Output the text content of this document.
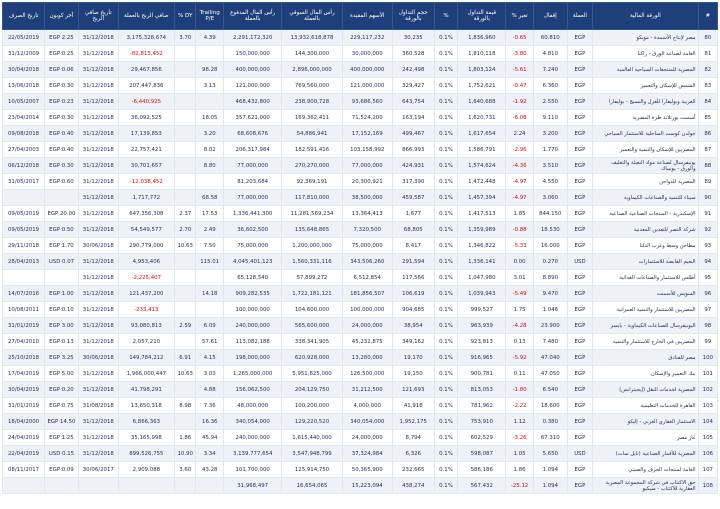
#	الورقة المالية	العملة	إقفال	تغير %	قيمة التداول بالورقة	%	حجم التداول بالورقة	الأسهم المقيدة	رأس المال السوقي بالعملة	رأس المال المدفوع بالعملة	Trailing P/E	DY %	صافي الربح بالعملة	تاريخ صافي الربح	آخر كوبون	تاريخ الصرف
80	مصر لإنتاج الأسمدة - موبكو	EGP	60.810	-0.65	1,836,960	0.1%	30,235	229,117,232	13,932,618,878	2,291,172,320	4.39	3.70	3,175,328,674	31/12/2018	EGP 2.25	22/05/2019
81	العامة لصناعة الورق - راكتا	EGP	4.810	-3.80	1,810,118	0.1%	360,528	30,000,000	144,300,000	150,000,000			-82,815,452	31/12/2018	EGP 0.25	31/12/2009
82	المصرية للمنتجعات السياحية العالمية	EGP	7.240	-5.61	1,803,124	0.1%	242,498	400,000,000	2,896,000,000	400,000,000	98.28		29,467,856	31/12/2018	EGP 0.06	30/04/2018
83	الشمس للإسكان والتعمير	EGP	6.360	-0.47	1,752,621	0.1%	329,427	121,000,000	769,560,000	121,000,000	3.13		207,447,836	31/12/2018	EGP 0.30	13/06/2018
84	العربية وبوليفارا للغزل والنسيج - بوليفارا	EGP	2.550	-1.92	1,640,688	0.1%	643,754	93,686,560	238,900,728	468,432,800			-6,440,925	31/12/2018	EGP 0.23	10/05/2007
85	أسمنت بورتلاند طرة المصرية	EGP	9.110	-6.08	1,620,731	0.1%	163,194	71,524,200	169,362,411	357,621,000	18.05		36,092,525	31/12/2018	EGP 0.30	23/04/2014
86	جولدن كوست الساحلية للاستثمار السياحي	EGP	3.200	2.24	1,617,654	0.1%	499,467	17,152,169	54,886,941	68,608,676	3.20		17,139,853	31/12/2018	EGP 0.40	09/08/2018
87	المصريين للإسكان والتنمية والتعمير	EGP	1.770	-2.96	1,586,791	0.1%	866,993	103,158,992	182,591,416	206,317,984	8.02		22,757,421	31/12/2018	EGP 0.40	27/04/2003
88	يونيفرسال لصناعة مواد التعبئة والتغليف والورق - يونيباك	EGP	3.510	-4.36	1,574,624	0.1%	424,931	77,000,000	270,270,000	77,000,000	8.80		30,701,657	31/12/2018	EGP 0.30	06/12/2018
89	المصرية للدواجن	EGP	4.550	-4.97	1,472,448	0.1%	317,390	20,300,921	92,369,191	81,203,684			-12,038,452	31/12/2018	EGP 0.60	31/05/2017
90	سيناء للتنمية والصناعات الكيماوية	EGP	3.060	-4.97	1,457,394	0.1%	459,587	38,500,000	117,810,000	77,000,000	68.58		1,717,772	31/12/2018		
91	الإسكندرية - المنتجات الصناعية الصناعية	EGP	844.150	1.85	1,417,513	0.1%	1,677	13,364,413	11,281,569,234	1,336,441,300	17.53	2.37	647,356,308	31/12/2018	EGP 20.00	09/05/2019
92	شركة النصر للتعدين المعدنية	EGP	18.530	-0.88	1,359,989	0.1%	68,805	7,320,500	135,648,865	36,602,500	2.49	2.70	54,549,577	31/12/2018	EGP 0.50	09/05/2019
93	مطاحن وسط وغرب الدلتا	EGP	16.000	-5.33	1,346,822	0.1%	8,417	75,000,000	1,200,000,000	75,000,000	7.50	10.63	290,779,000	30/06/2018	EGP 1.70	29/11/2018
94	النعيم القابضة للاستثمارات	USD	0.270	0.00	1,336,141	0.1%	291,594	343,506,260	1,560,331,116	4,045,401,123	115.01		4,953,406	31/12/2018	USD 0.07	28/04/2013
95	أطلس للاستثمار والصناعات الغذائية	EGP	8.890	3.01	1,047,980	0.1%	117,566	6,512,854	57,899,272	65,128,540			-2,225,407	31/12/2018		
96	السويس للأسمنت	EGP	9.470	-5.49	1,039,943	0.1%	106,619	181,856,507	1,722,181,121	909,282,535	14.18		121,437,200	31/12/2018	EGP 1.00	14/07/2016
97	المصريين للاستثمار والتنمية العمرانية	EGP	1.046	1.75	999,527	0.1%	904,685	100,000,000	104,600,000	100,000,000			-233,413	31/12/2018	EGP 0.10	10/08/2011
98	اليونيفرسال للصناعات الكيماوية - بايسر	EGP	23.900	-4.28	963,939	0.1%	38,954	24,000,000	565,600,000	240,000,000	6.09	2.59	93,080,813	31/12/2018	EGP 3.00	31/01/2019
99	المصريين في الخارج للاستثمار والتنمية	EGP	7.480	0.13	923,813	0.1%	349,162	45,232,875	338,341,905	113,082,188	57.61		2,057,210	31/12/2018	EGP 0.13	27/04/2010
100	مصر للفنادق	EGP	47.040	-5.92	916,965	0.1%	19,170	13,280,000	620,928,000	198,000,000	4.15	6.91	149,784,212	30/06/2018	EGP 3.25	25/10/2018
101	بنك التعمير والإسكان	EGP	47.050	0.11	900,781	0.1%	19,150	126,500,000	5,951,825,000	1,265,000,000	3.03	10.63	1,966,000,447	31/12/2018	EGP 5.00	17/04/2019
102	المصرية لخدمات النقل (إيجيترانس)	EGP	6.540	-1.80	813,053	0.1%	121,693	31,212,500	204,129,750	156,062,500	4.88		41,798,291	31/12/2018	EGP 0.20	30/04/2019
103	القاهرة للخدمات التعليمية	EGP	18.600	-2.22	781,962	0.1%	41,918	4,000,000	100,200,000	48,000,000	7.36	8.98	13,650,318	31/08/2018	EGP 0.75	31/01/2019
104	الاستثمار العقاري العربي - إليكو	EGP	0.380	1.12	753,910	0.1%	1,952,175	340,054,000	129,220,520	340,054,000	16.36		6,866,363	31/12/2018	EGP 14.50	18/04/2000
105	غاز مصر	EGP	67.310	-3.26	602,529	0.1%	8,794	24,000,000	1,615,440,000	240,000,000	45.94	1.86	35,165,998	31/12/2018	EGP 1.25	24/04/2019
106	المصرية للأقمار الصناعية (نايل سات)	USD	5.650	1.05	598,087	0.1%	6,326	37,324,984	3,547,948,799	3,139,777,654	3.34	10.90	899,526,755	31/12/2018	USD 0.15	22/04/2019
107	العامة لمنتجات الخزف والصيني	EGP	1.094	1.86	586,186	0.1%	232,665	50,365,900	125,914,750	101,700,000	43.28	3.60	2,909,088	30/06/2017	EGP 0.09	08/11/2017
108	حق الاكتتاب في شركة المجموعة المصرية العقارية للاكتتاب - سيكيو	EGP	1.094	-25.12	567,432	0.1%	438,274	15,223,094	16,654,065	31,968,497						
